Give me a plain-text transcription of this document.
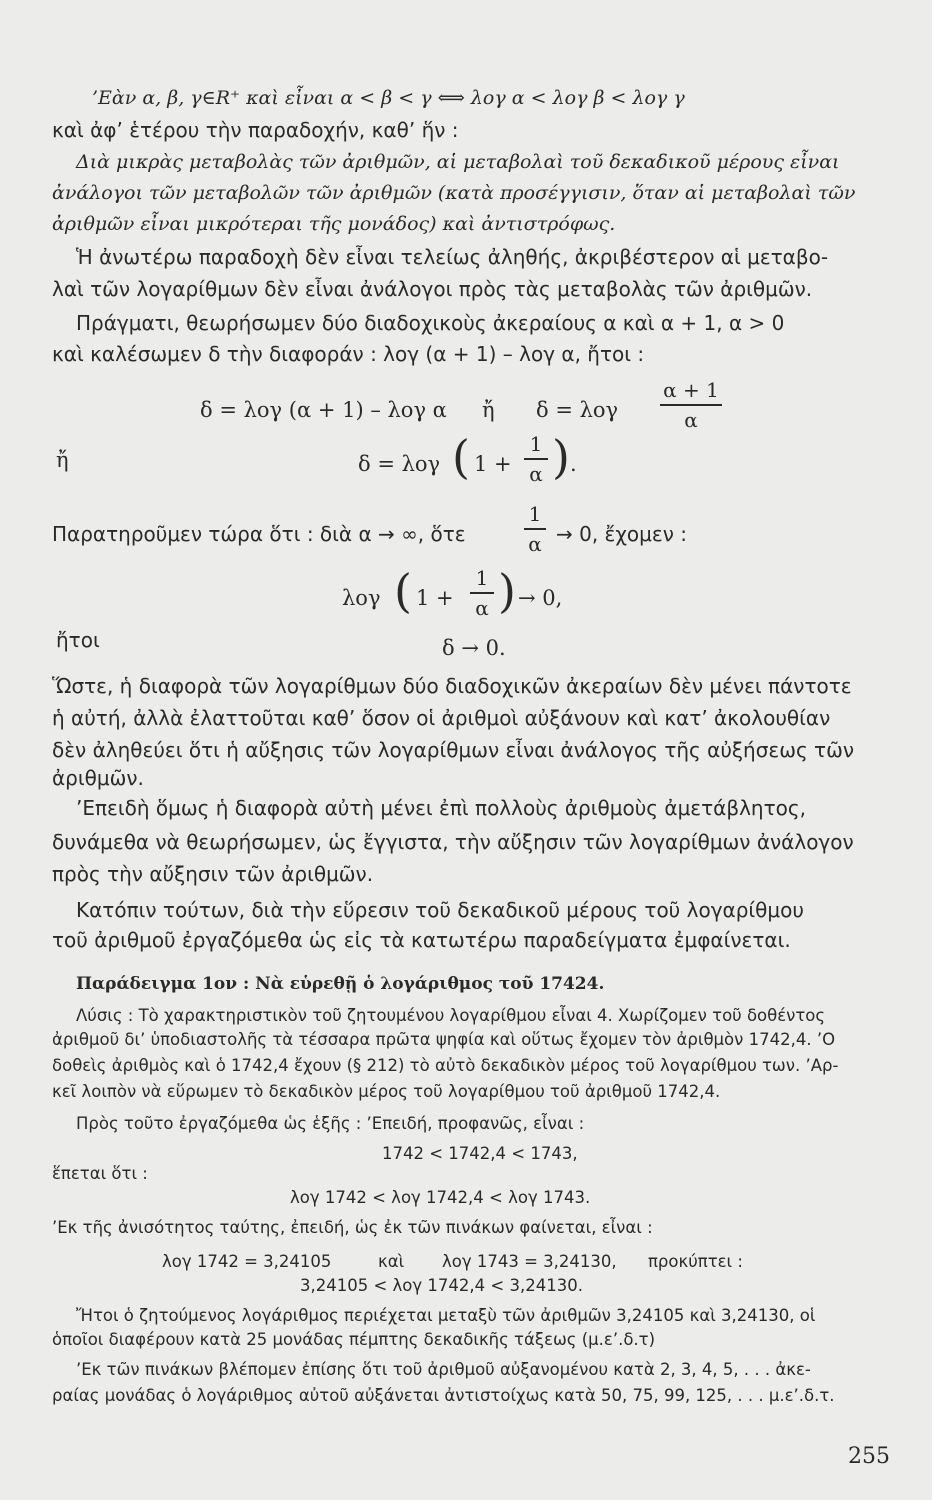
’Εὰν α, β, γ∈R⁺ καὶ εἶναι α < β < γ ⟺ λογ α < λογ β < λογ γ
καὶ ἀφ’ ἑτέρου τὴν παραδοχήν, καθ’ ἥν :
Διὰ μικρὰς μεταβολὰς τῶν ἀριθμῶν, αἱ μεταβολαὶ τοῦ δεκαδικοῦ μέρους εἶναι
ἀνάλογοι τῶν μεταβολῶν τῶν ἀριθμῶν (κατὰ προσέγγισιν, ὅταν αἱ μεταβολαὶ τῶν
ἀριθμῶν εἶναι μικρότεραι τῆς μονάδος) καὶ ἀντιστρόφως.
Ἡ ἀνωτέρω παραδοχὴ δὲν εἶναι τελείως ἀληθής, ἀκριβέστερον αἱ μεταβο-
λαὶ τῶν λογαρίθμων δὲν εἶναι ἀνάλογοι πρὸς τὰς μεταβολὰς τῶν ἀριθμῶν.
Πράγματι, θεωρήσωμεν δύο διαδοχικοὺς ἀκεραίους α καὶ α + 1, α > 0
καὶ καλέσωμεν δ τὴν διαφοράν : λογ (α + 1) – λογ α, ἤτοι :
δ = λογ (α + 1) – λογ α ἤ δ = λογ
α + 1
α
ἤ	δ = λογ ( 1 +
1
α ) .
Παρατηροῦμεν τώρα ὅτι : διὰ α → ∞, ὅτε
1
α → 0, ἔχομεν :
λογ ( 1 +
1
α ) → 0,
ἤτοι	δ → 0.
Ὥστε, ἡ διαφορὰ τῶν λογαρίθμων δύο διαδοχικῶν ἀκεραίων δὲν μένει πάντοτε
ἡ αὐτή, ἀλλὰ ἐλαττοῦται καθ’ ὅσον οἱ ἀριθμοὶ αὐξάνουν καὶ κατ’ ἀκολουθίαν
δὲν ἀληθεύει ὅτι ἡ αὔξησις τῶν λογαρίθμων εἶναι ἀνάλογος τῆς αὐξήσεως τῶν
ἀριθμῶν.
’Επειδὴ ὅμως ἡ διαφορὰ αὐτὴ μένει ἐπὶ πολλοὺς ἀριθμοὺς ἀμετάβλητος,
δυνάμεθα νὰ θεωρήσωμεν, ὡς ἔγγιστα, τὴν αὔξησιν τῶν λογαρίθμων ἀνάλογον
πρὸς τὴν αὔξησιν τῶν ἀριθμῶν.
Κατόπιν τούτων, διὰ τὴν εὕρεσιν τοῦ δεκαδικοῦ μέρους τοῦ λογαρίθμου
τοῦ ἀριθμοῦ ἐργαζόμεθα ὡς εἰς τὰ κατωτέρω παραδείγματα ἐμφαίνεται.
Παράδειγμα 1ον : Νὰ εὑρεθῇ ὁ λογάριθμος τοῦ 17424.
Λύσις : Τὸ χαρακτηριστικὸν τοῦ ζητουμένου λογαρίθμου εἶναι 4. Χωρίζομεν τοῦ δοθέντος
ἀριθμοῦ δι’ ὑποδιαστολῆς τὰ τέσσαρα πρῶτα ψηφία καὶ οὕτως ἔχομεν τὸν ἀριθμὸν 1742,4. ’Ο
δοθεὶς ἀριθμὸς καὶ ὁ 1742,4 ἔχουν (§ 212) τὸ αὐτὸ δεκαδικὸν μέρος τοῦ λογαρίθμου των. ’Αρ-
κεῖ λοιπὸν νὰ εὕρωμεν τὸ δεκαδικὸν μέρος τοῦ λογαρίθμου τοῦ ἀριθμοῦ 1742,4.
Πρὸς τοῦτο ἐργαζόμεθα ὡς ἑξῆς : ’Επειδή, προφανῶς, εἶναι :
1742 < 1742,4 < 1743,
ἕπεται ὅτι :
λογ 1742 < λογ 1742,4 < λογ 1743.
’Εκ τῆς ἀνισότητος ταύτης, ἐπειδή, ὡς ἐκ τῶν πινάκων φαίνεται, εἶναι :
λογ 1742 = 3,24105	καὶ λογ 1743 = 3,24130, προκύπτει :
3,24105 < λογ 1742,4 < 3,24130.
Ἤτοι ὁ ζητούμενος λογάριθμος περιέχεται μεταξὺ τῶν ἀριθμῶν 3,24105 καὶ 3,24130, οἱ
ὁποῖοι διαφέρουν κατὰ 25 μονάδας πέμπτης δεκαδικῆς τάξεως (μ.ε’.δ.τ)
’Εκ τῶν πινάκων βλέπομεν ἐπίσης ὅτι τοῦ ἀριθμοῦ αὐξανομένου κατὰ 2, 3, 4, 5, . . . ἀκε-
ραίας μονάδας ὁ λογάριθμος αὐτοῦ αὐξάνεται ἀντιστοίχως κατὰ 50, 75, 99, 125, . . . μ.ε’.δ.τ.
255
